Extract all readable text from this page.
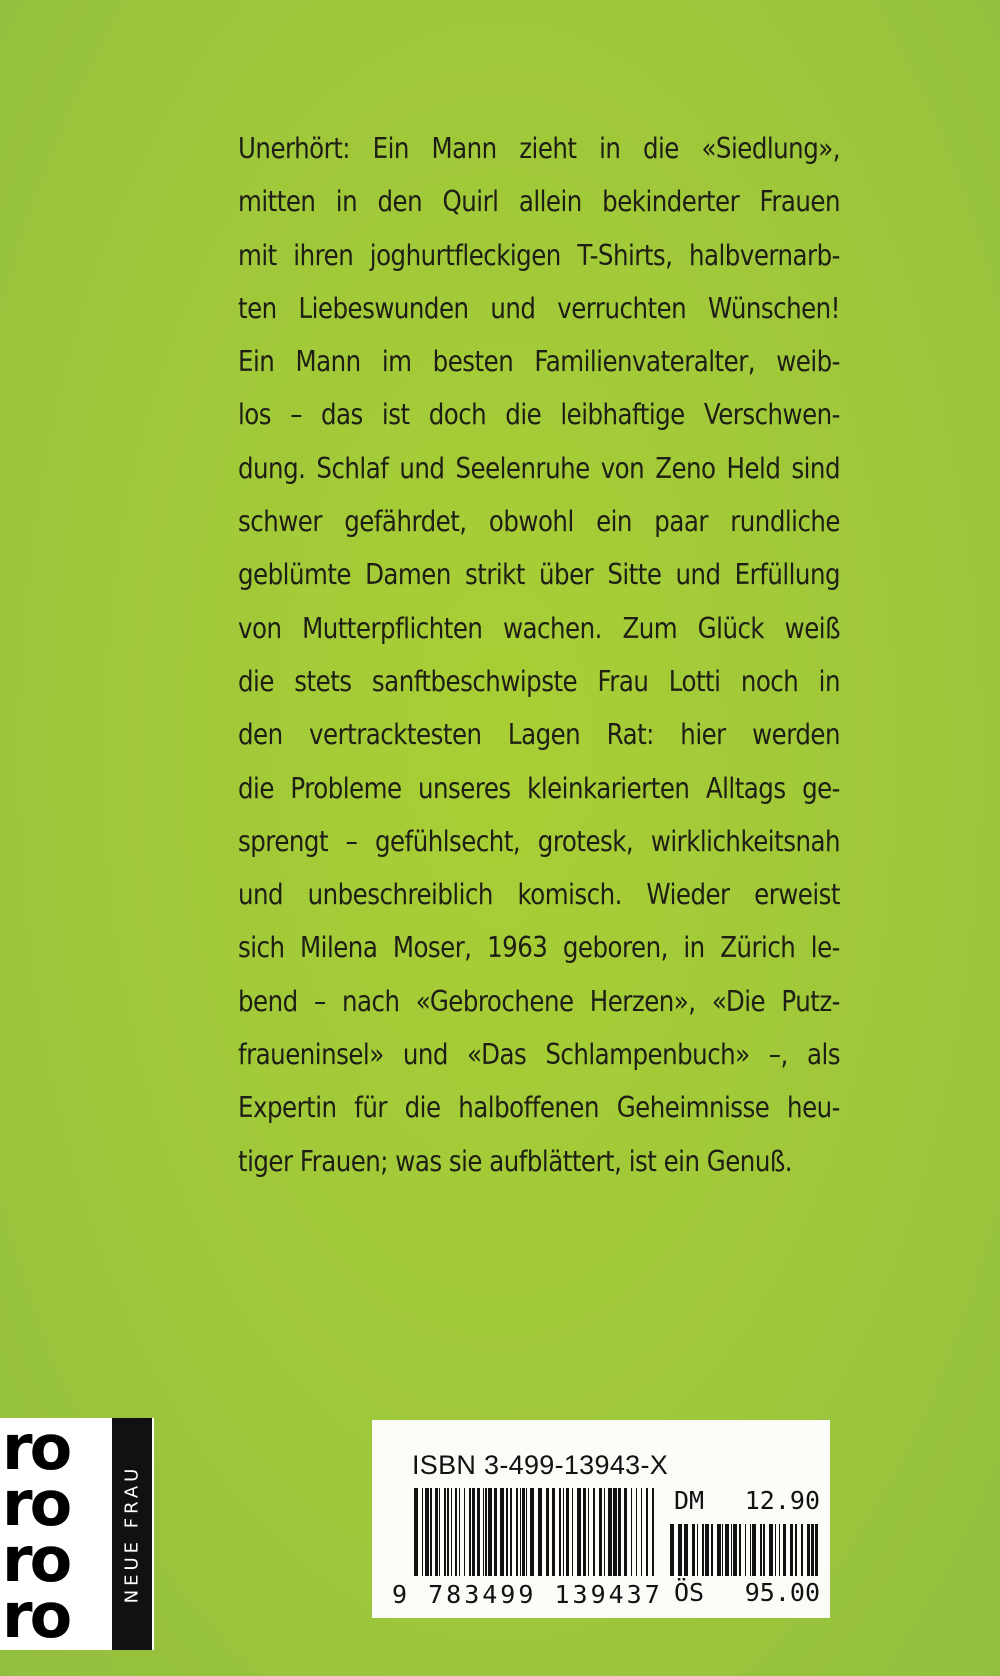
Unerhört: Ein Mann zieht in die «Siedlung»,
mitten in den Quirl allein bekinderter Frauen
mit ihren joghurtfleckigen T-Shirts, halbvernarb-
ten Liebeswunden und verruchten Wünschen!
Ein Mann im besten Familienvateralter, weib-
los – das ist doch die leibhaftige Verschwen-
dung. Schlaf und Seelenruhe von Zeno Held sind
schwer gefährdet, obwohl ein paar rundliche
geblümte Damen strikt über Sitte und Erfüllung
von Mutterpflichten wachen. Zum Glück weiß
die stets sanftbeschwipste Frau Lotti noch in
den vertracktesten Lagen Rat: hier werden
die Probleme unseres kleinkarierten Alltags ge-
sprengt – gefühlsecht, grotesk, wirklichkeitsnah
und unbeschreiblich komisch. Wieder erweist
sich Milena Moser, 1963 geboren, in Zürich le-
bend – nach «Gebrochene Herzen», «Die Putz-
fraueninsel» und «Das Schlampenbuch» –, als
Expertin für die halboffenen Geheimnisse heu-
tiger Frauen; was sie aufblättert, ist ein Genuß.
ro
ro
ro
ro
NEUE FRAU	ISBN 3-499-13943-X
9 783499 139437
DM 12.90
ÖS 95.00
